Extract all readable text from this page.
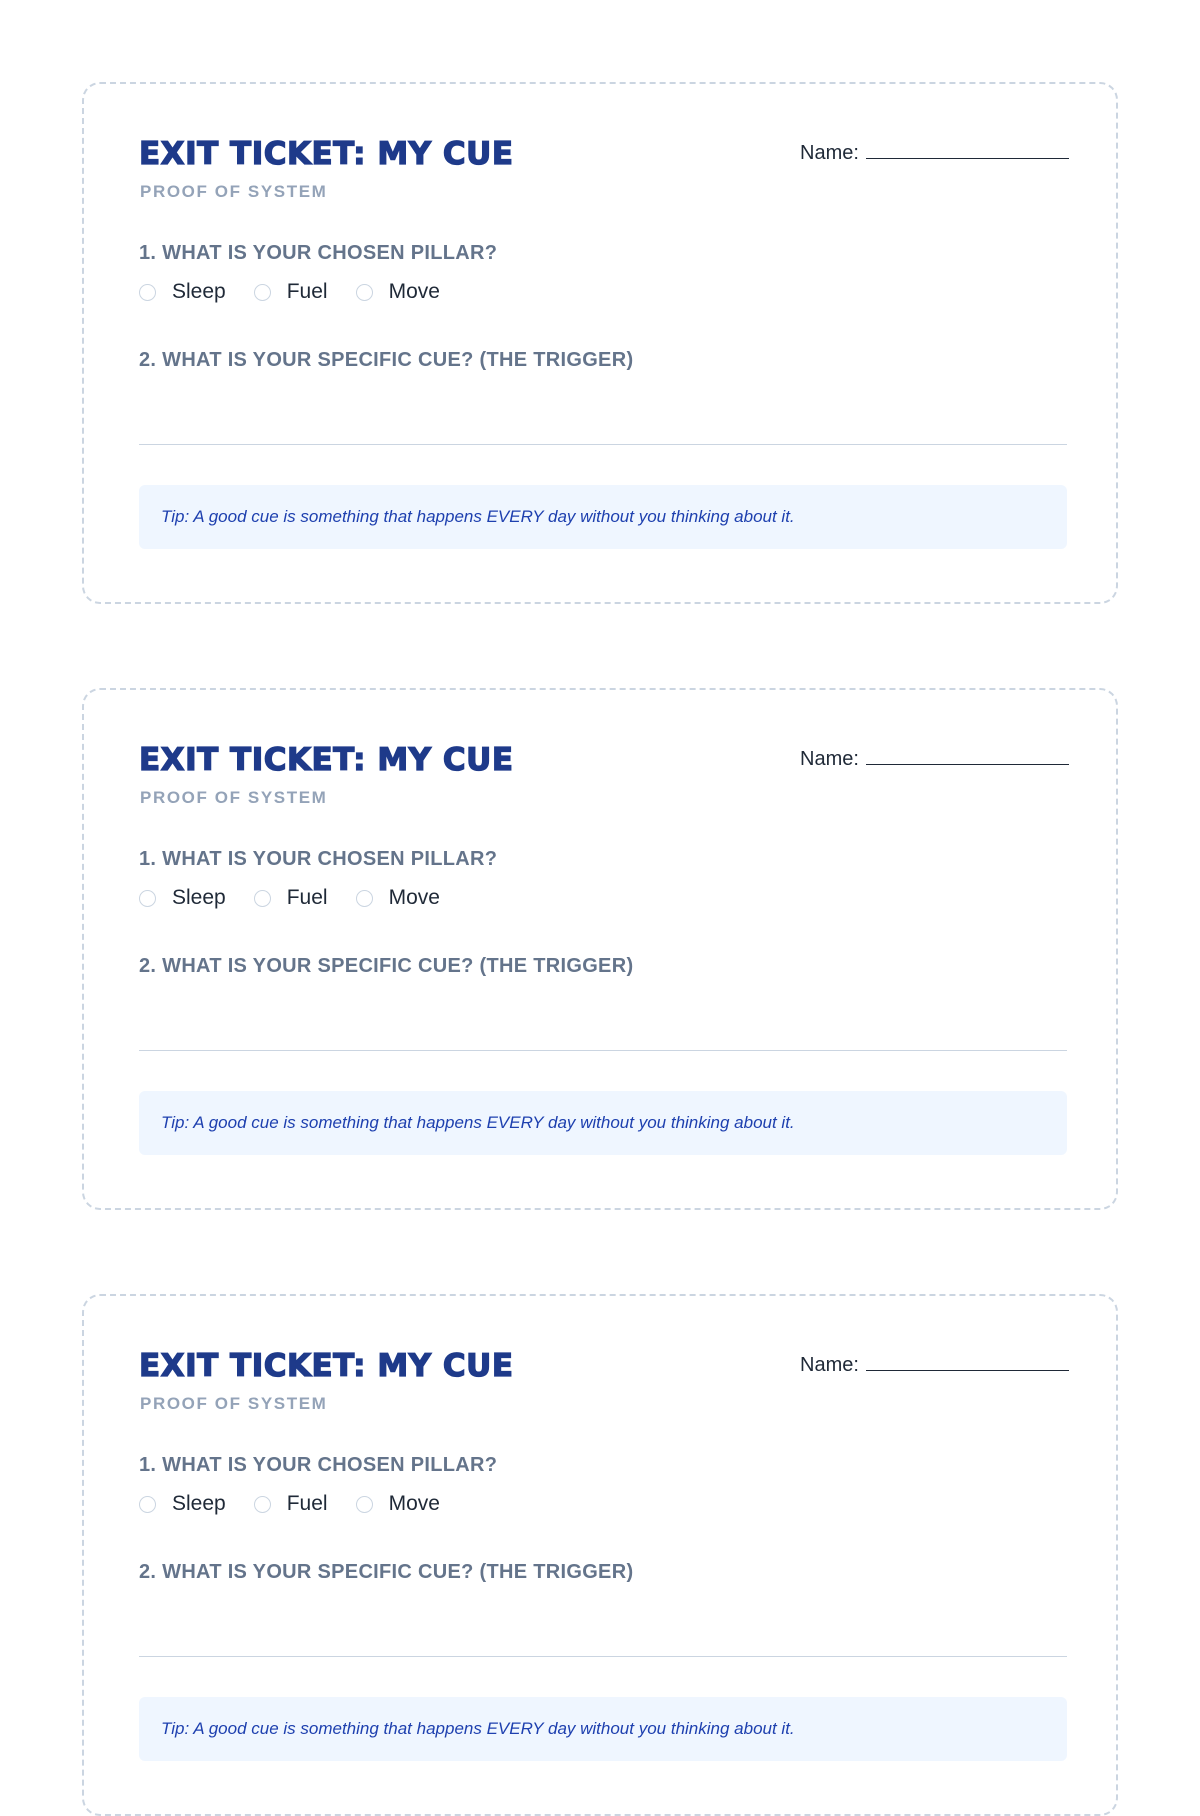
EXIT TICKET: MY CUE
PROOF OF SYSTEM
Name:
1. WHAT IS YOUR CHOSEN PILLAR?
Sleep	Fuel	Move
2. WHAT IS YOUR SPECIFIC CUE? (THE TRIGGER)
Tip: A good cue is something that happens EVERY day without you thinking about it.
EXIT TICKET: MY CUE
PROOF OF SYSTEM
Name:
1. WHAT IS YOUR CHOSEN PILLAR?
Sleep	Fuel	Move
2. WHAT IS YOUR SPECIFIC CUE? (THE TRIGGER)
Tip: A good cue is something that happens EVERY day without you thinking about it.
EXIT TICKET: MY CUE
PROOF OF SYSTEM
Name:
1. WHAT IS YOUR CHOSEN PILLAR?
Sleep	Fuel	Move
2. WHAT IS YOUR SPECIFIC CUE? (THE TRIGGER)
Tip: A good cue is something that happens EVERY day without you thinking about it.
